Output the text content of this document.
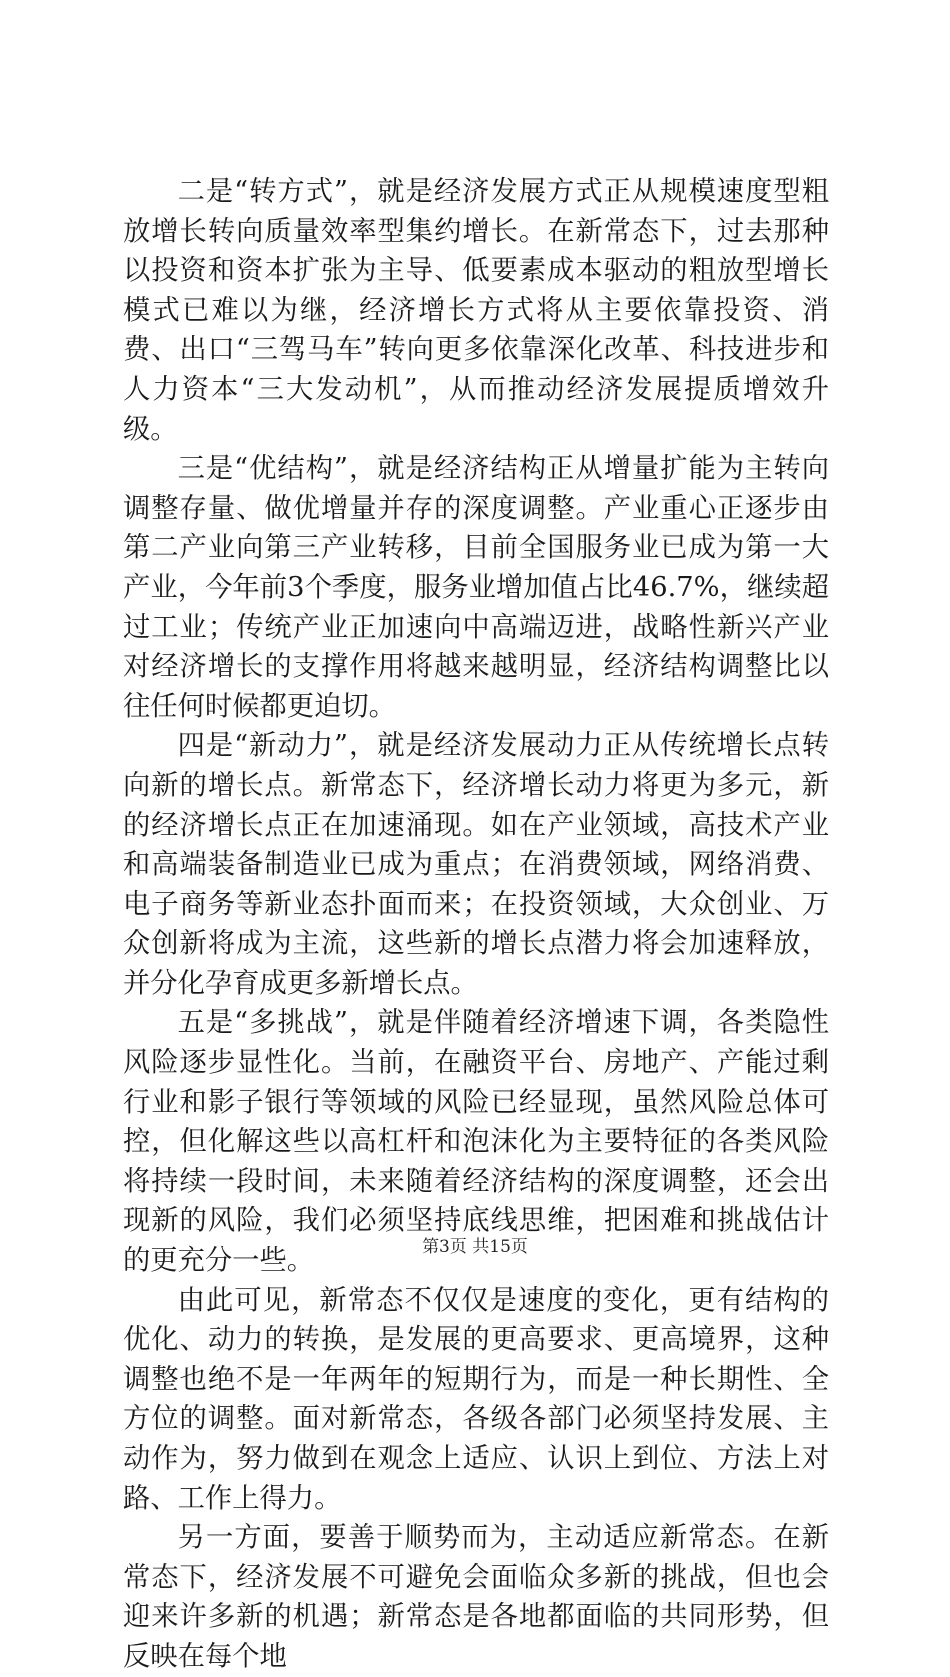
二是“转方式”，就是经济发展方式正从规模速度型粗放增长转向质量效率型集约增长。在新常态下，过去那种以投资和资本扩张为主导、低要素成本驱动的粗放型增长模式已难以为继，经济增长方式将从主要依靠投资、消费、出口“三驾马车”转向更多依靠深化改革、科技进步和人力资本“三大发动机”，从而推动经济发展提质增效升级。

三是“优结构”，就是经济结构正从增量扩能为主转向调整存量、做优增量并存的深度调整。产业重心正逐步由第二产业向第三产业转移，目前全国服务业已成为第一大产业，今年前3个季度，服务业增加值占比46.7%，继续超过工业；传统产业正加速向中高端迈进，战略性新兴产业对经济增长的支撑作用将越来越明显，经济结构调整比以往任何时候都更迫切。

四是“新动力”，就是经济发展动力正从传统增长点转向新的增长点。新常态下，经济增长动力将更为多元，新的经济增长点正在加速涌现。如在产业领域，高技术产业和高端装备制造业已成为重点；在消费领域，网络消费、电子商务等新业态扑面而来；在投资领域，大众创业、万众创新将成为主流，这些新的增长点潜力将会加速释放，并分化孕育成更多新增长点。

五是“多挑战”，就是伴随着经济增速下调，各类隐性风险逐步显性化。当前，在融资平台、房地产、产能过剩行业和影子银行等领域的风险已经显现，虽然风险总体可控，但化解这些以高杠杆和泡沫化为主要特征的各类风险将持续一段时间，未来随着经济结构的深度调整，还会出现新的风险，我们必须坚持底线思维，把困难和挑战估计的更充分一些。

由此可见，新常态不仅仅是速度的变化，更有结构的优化、动力的转换，是发展的更高要求、更高境界，这种调整也绝不是一年两年的短期行为，而是一种长期性、全方位的调整。面对新常态，各级各部门必须坚持发展、主动作为，努力做到在观念上适应、认识上到位、方法上对路、工作上得力。

另一方面，要善于顺势而为，主动适应新常态。在新常态下，经济发展不可避免会面临众多新的挑战，但也会迎来许多新的机遇；新常态是各地都面临的共同形势，但反映在每个地

第3页 共15页
